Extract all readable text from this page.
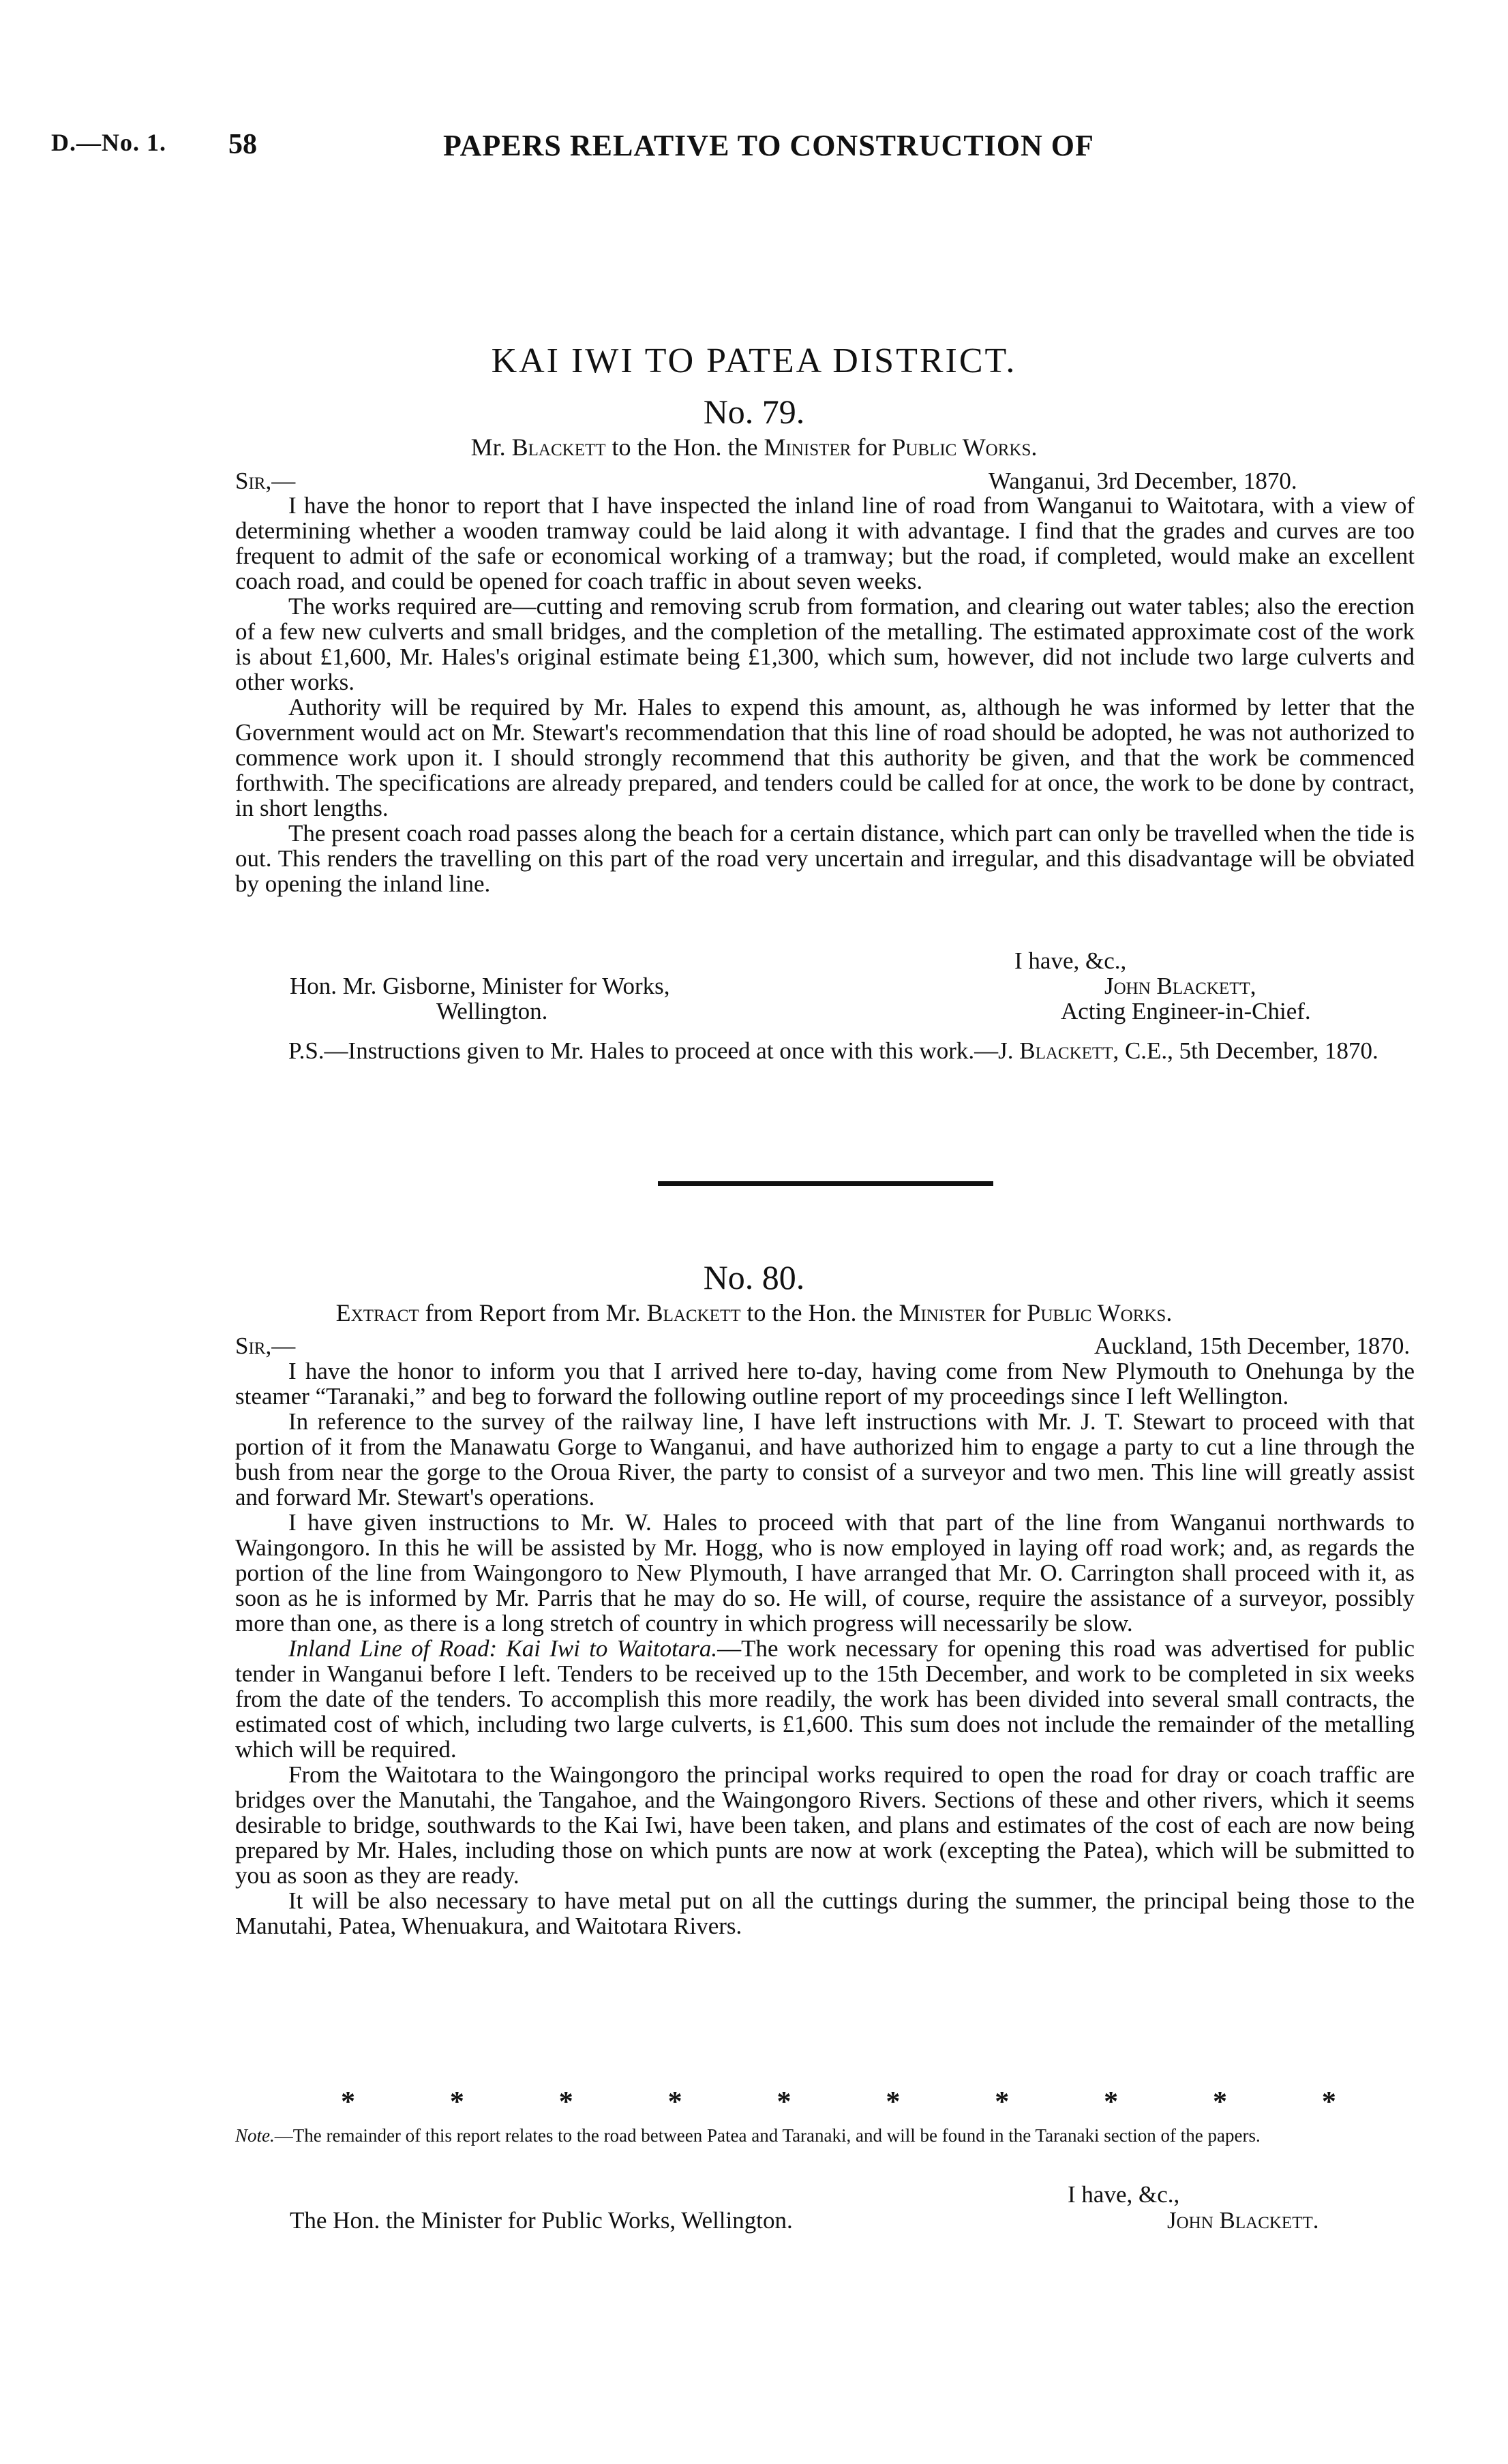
D.—No. 1. 58	PAPERS RELATIVE TO CONSTRUCTION OF
KAI IWI TO PATEA DISTRICT.
No. 79.
Mr. Blackett to the Hon. the Minister for Public Works.
Sir,—	Wanganui, 3rd December, 1870.

I have the honor to report that I have inspected the inland line of road from Wanganui to Waitotara, with a view of determining whether a wooden tramway could be laid along it with advantage. I find that the grades and curves are too frequent to admit of the safe or economical working of a tramway; but the road, if completed, would make an excellent coach road, and could be opened for coach traffic in about seven weeks.

The works required are—cutting and removing scrub from formation, and clearing out water tables; also the erection of a few new culverts and small bridges, and the completion of the metalling. The estimated approximate cost of the work is about £1,600, Mr. Hales's original estimate being £1,300, which sum, however, did not include two large culverts and other works.

Authority will be required by Mr. Hales to expend this amount, as, although he was informed by letter that the Government would act on Mr. Stewart's recommendation that this line of road should be adopted, he was not authorized to commence work upon it. I should strongly recommend that this authority be given, and that the work be commenced forthwith. The specifications are already prepared, and tenders could be called for at once, the work to be done by contract, in short lengths.

The present coach road passes along the beach for a certain distance, which part can only be travelled when the tide is out. This renders the travelling on this part of the road very uncertain and irregular, and this disadvantage will be obviated by opening the inland line.

I have, &c.,
Hon. Mr. Gisborne, Minister for Works,	John Blackett,
Wellington.	Acting Engineer-in-Chief.

P.S.—Instructions given to Mr. Hales to proceed at once with this work.—J. Blackett, C.E., 5th December, 1870.

No. 80.
Extract from Report from Mr. Blackett to the Hon. the Minister for Public Works.
Sir,—	Auckland, 15th December, 1870.

I have the honor to inform you that I arrived here to-day, having come from New Plymouth to Onehunga by the steamer “Taranaki,” and beg to forward the following outline report of my proceedings since I left Wellington.

In reference to the survey of the railway line, I have left instructions with Mr. J. T. Stewart to proceed with that portion of it from the Manawatu Gorge to Wanganui, and have authorized him to engage a party to cut a line through the bush from near the gorge to the Oroua River, the party to consist of a surveyor and two men. This line will greatly assist and forward Mr. Stewart's operations.

I have given instructions to Mr. W. Hales to proceed with that part of the line from Wanganui northwards to Waingongoro. In this he will be assisted by Mr. Hogg, who is now employed in laying off road work; and, as regards the portion of the line from Waingongoro to New Plymouth, I have arranged that Mr. O. Carrington shall proceed with it, as soon as he is informed by Mr. Parris that he may do so. He will, of course, require the assistance of a surveyor, possibly more than one, as there is a long stretch of country in which progress will necessarily be slow.

Inland Line of Road: Kai Iwi to Waitotara.—The work necessary for opening this road was advertised for public tender in Wanganui before I left. Tenders to be received up to the 15th December, and work to be completed in six weeks from the date of the tenders. To accomplish this more readily, the work has been divided into several small contracts, the estimated cost of which, including two large culverts, is £1,600. This sum does not include the remainder of the metalling which will be required.

From the Waitotara to the Waingongoro the principal works required to open the road for dray or coach traffic are bridges over the Manutahi, the Tangahoe, and the Waingongoro Rivers. Sections of these and other rivers, which it seems desirable to bridge, southwards to the Kai Iwi, have been taken, and plans and estimates of the cost of each are now being prepared by Mr. Hales, including those on which punts are now at work (excepting the Patea), which will be submitted to you as soon as they are ready.

It will be also necessary to have metal put on all the cuttings during the summer, the principal being those to the Manutahi, Patea, Whenuakura, and Waitotara Rivers.

*	*	*	*	*	*	*	*	*	*
Note.—The remainder of this report relates to the road between Patea and Taranaki, and will be found in the Taranaki section of the papers.
I have, &c.,
The Hon. the Minister for Public Works, Wellington.	John Blackett.
